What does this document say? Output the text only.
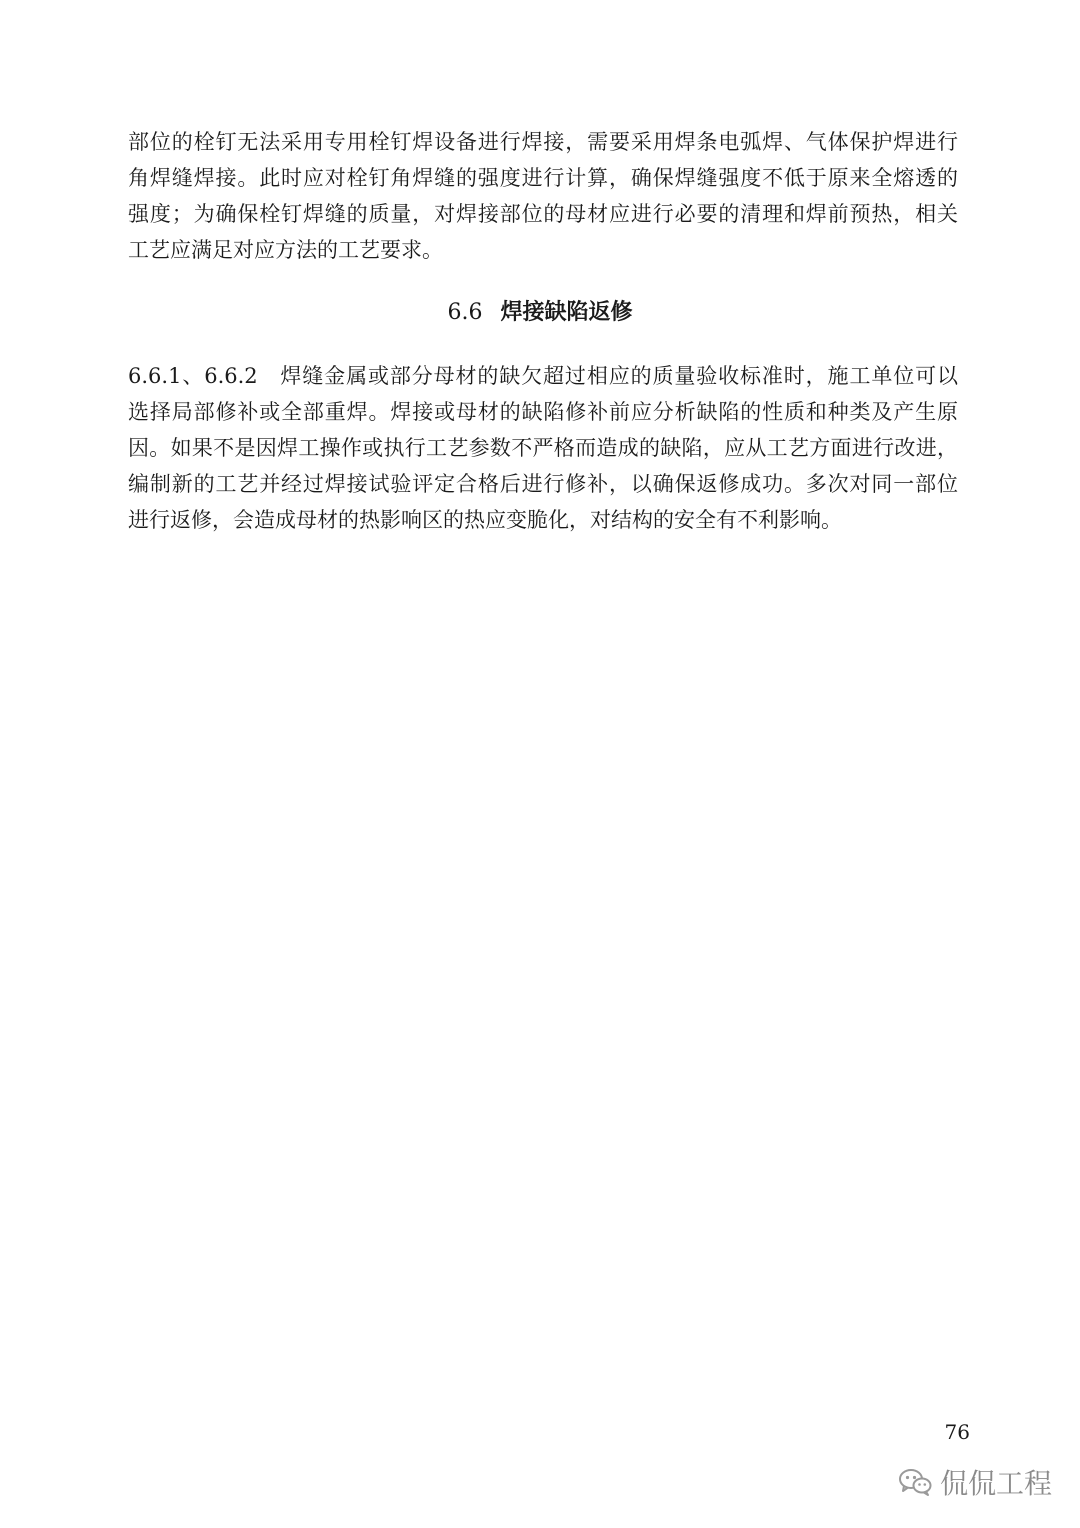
部位的栓钉无法采用专用栓钉焊设备进行焊接，需要采用焊条电弧焊、气体保护焊进行
角焊缝焊接。此时应对栓钉角焊缝的强度进行计算，确保焊缝强度不低于原来全熔透的
强度；为确保栓钉焊缝的质量，对焊接部位的母材应进行必要的清理和焊前预热，相关
工艺应满足对应方法的工艺要求。
6.6 焊接缺陷返修
6.6.1、6.6.2　焊缝金属或部分母材的缺欠超过相应的质量验收标准时，施工单位可以
选择局部修补或全部重焊。焊接或母材的缺陷修补前应分析缺陷的性质和种类及产生原
因。如果不是因焊工操作或执行工艺参数不严格而造成的缺陷，应从工艺方面进行改进，
编制新的工艺并经过焊接试验评定合格后进行修补，以确保返修成功。多次对同一部位
进行返修，会造成母材的热影响区的热应变脆化，对结构的安全有不利影响。
76
侃侃工程
